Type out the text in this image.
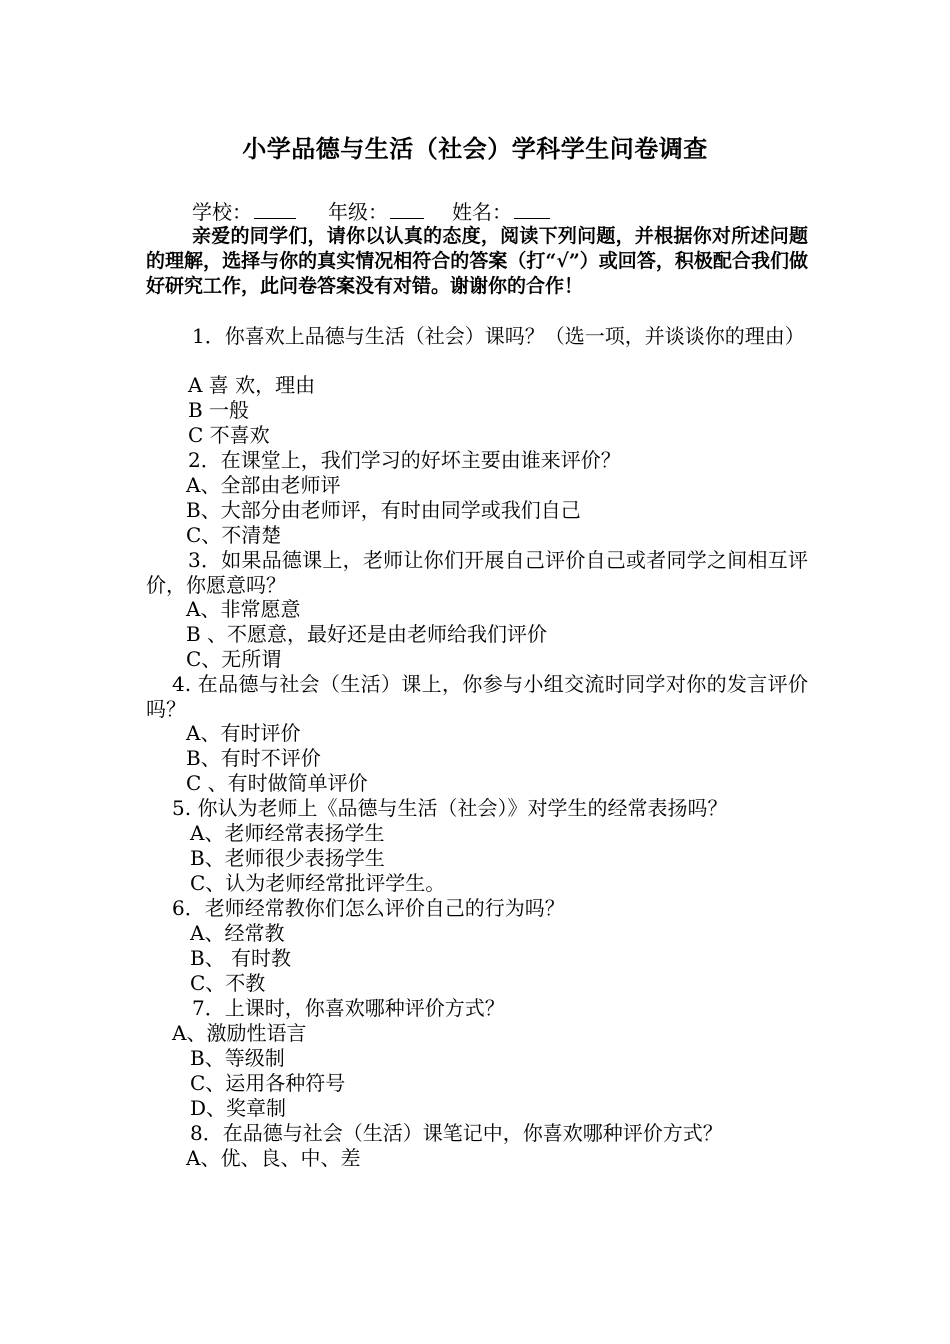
小学品德与生活（社会）学科学生问卷调查
学校：	年级：	姓名：
亲爱的同学们，请你以认真的态度，阅读下列问题，并根据你对所述问题的理解，选择与你的真实情况相符合的答案（打“√”）或回答，积极配合我们做好研究工作，此问卷答案没有对错。谢谢你的合作！
1．你喜欢上品德与生活（社会）课吗？（选一项，并谈谈你的理由）
A 喜 欢，理由
B 一般
C 不喜欢
2．在课堂上，我们学习的好坏主要由谁来评价？
A、全部由老师评
B、大部分由老师评，有时由同学或我们自己
C、不清楚
3．如果品德课上，老师让你们开展自己评价自己或者同学之间相互评价，你愿意吗？
A、非常愿意
B 、不愿意，最好还是由老师给我们评价
C、无所谓
4. 在品德与社会（生活）课上，你参与小组交流时同学对你的发言评价吗？
A、有时评价
B、有时不评价
C 、有时做简单评价
5. 你认为老师上《品德与生活（社会）》对学生的经常表扬吗？
A、老师经常表扬学生
B、老师很少表扬学生
C、认为老师经常批评学生。
6．老师经常教你们怎么评价自己的行为吗？
A、经常教
B、 有时教
C、不教
7．上课时，你喜欢哪种评价方式？
A、激励性语言
B、等级制
C、运用各种符号
D、奖章制
8．在品德与社会（生活）课笔记中，你喜欢哪种评价方式？
A、优、良、中、差
